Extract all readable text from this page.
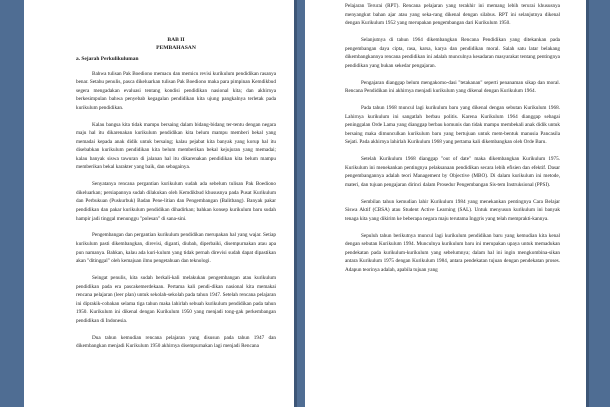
BAB II
PEMBAHASAN
a. Sejarah Perkulikuluman

Bahwa tulisan Pak Boediono memacu dan memicu revisi kurikulum pendidikan rasanya benar. Setahu penulis, pasca dikeluarkan tulisan Pak Boediono maka para pimpinan Kemdikbud segera mengadakan evaluasi tentang kondisi pendidikan nasional kita; dan akhirnya berkesimpulan bahwa penyebab kegagalan pendidikan kita ujung pangkalnya terletak pada kurikulum pendidikan.

Kalau bangsa kita tidak mampu bersaing dalam bidang-bidang ter-tentu dengan negara maju hal itu dikarenakan kurikulum pendidikan kita belum mampu memberi bekal yang memadai kepada anak didik untuk bersaing; kalau pejabat kita banyak yang korup hal itu disebabkan kurikulum pendidikan kita belum memberikan bekal kejujuran yang memadai; kalau banyak siswa tawuran di jalanan hal itu dikarenakan pendidikan kita belum mampu memberikan bekal karakter yang baik, dan sebagainya.

Senyatanya rencana pergantian kurikulum sudah ada sebelum tulisan Pak Boediono dikeluarkan; persiapannya sudah dilakukan oleh Kemdikbud khususnya pada Pusat Kurikulum dan Perbukuan (Puskurbuk) Badan Pene-litian dan Pengembangan (Balitbang). Banyak pakar pendidikan dan pakar kurikulum pendidikan dihadirkan; bahkan konsep kurikulum baru sudah hampir jadi tinggal menunggu "polesan" di sana-sini.

Pengembangan dan pergantian kurikulum pendidikan merupakan hal yang wajar. Setiap kurikulum pasti dikembangkan, direvisi, diganti, diubah, diperbaiki, disempurnakan atau apa pun namanya. Bahkan, kalau ada kuri-kulum yang tidak pernah direvisi sudah dapat dipastikan akan "ditinggal" oleh kemajuan ilmu pengetahuan dan teknologi.

Seingat penulis, kita sudah berkali-kali melakukan pengembangan atau kurikulum pendidikan pada era pascakemerdekaan. Pertama kali pendi-dikan nasional kita memakai rencana pelajaran (leer plan) untuk sekolah-sekolah pada tahun 1947. Setelah rencana pelajaran ini diprakik-cobakan selama tiga tahun maka lahirlah sebuah kurikulum pendidikan pada tahun 1950. Kurikulum ini dikenal dengan Kurikulum 1950 yang menjadi tong-gak perkembangan pendidikan di Indonesia.

Dua tahun kemudian rencana pelajaran yang disusun pada tahun 1947 dan dikembangkan menjadi Kurikulum 1950 akhirnya disempurnakan lagi menjadi Rencana

Pelajaran Terurai (RPT). Rencana pelajaran yang terakhir ini memang lebih terurai khususnya menyangkut bahan ajar atau yang seka-rang dikenal dengan silabus. RPT ini selanjutnya dikenal dengan Kurikulum 1952 yang merupakan pengembangan dari Kurikulum 1950.

Selanjutnya di tahun 1964 dikembangkan Rencana Pendidikan yang ditekankan pada pengembangan daya cipta, rasa, karsa, karya dan pendidikan moral. Salah satu latar belakang dikembangkannya rencana pendidikan ini adalah munculnya kesadaran masyarakat tentang pentingnya pendidikan yang bukan sekedar pengajaran.

Pengajaran dianggap belum mengakomo-dasi "tetakanan" seperti penanaman sikap dan moral. Rencana Pendidikan ini akhirnya menjadi kurikulum yang dikenal dengan Kurikulum 1964.

Pada tahun 1968 muncul lagi kurikulum baru yang dikenal dengan sebutan Kurikulum 1968. Lahirnya kurikulum ini sangatlah berbau politis. Karena Kurikulum 1964 dianggap sebagai peninggalan Orde Lama yang dianggap berbau komunis dan tidak mampu membekali anak didik untuk bersaing maka dimunculkan kurikulum baru yang bertujuan untuk mem-bentuk manusia Pancasila Sejati. Pada akhirnya lahirlah Kurikulum 1968 yang pertama kali dikembangkan oleh Orde Baru.

Setelah Kurikulum 1968 dianggap "out of date" maka dikembangkan Kurikulum 1975. Kurikulum ini menekankan pentingnya pelaksanaan pendidikan secara lebih efisien dan efektif. Dasar pengembangannya adalah teori Management by Objective (MBO). Di dalam kurikulum ini metode, materi, dan tujuan pengajaran dirinci dalam Prosedur Pengembangan Sis-tem Instruksional (PPSI).

Sembilan tahun kemudian lahir Kurikulum 1984 yang menekankan pentingnya Cara Belajar Siswa Aktif (CBSA) atau Student Active Learning (SAL). Untuk menyusun kurikulum ini banyak tenaga kita yang dikirim ke beberapa negara maju terutama Inggris yang telah memprakti-kannya.

Sepuluh tahun berikutnya muncul lagi kurikulum pendidikan baru yang kemudian kita kenal dengan sebutan Kurikulum 1994. Munculnya kurikulum baru ini merupakan upaya untuk memadukan pendekatan pada kurikulum-kurikulum yang sebelumnya; dalam hal ini ingin mengkombina-sikan antara Kurikulum 1975 dengan Kurikulum 1984, antara pendekatan tujuan dengan pendekatan proses. Adapun teorinya adalah, apabila tujuan yang
